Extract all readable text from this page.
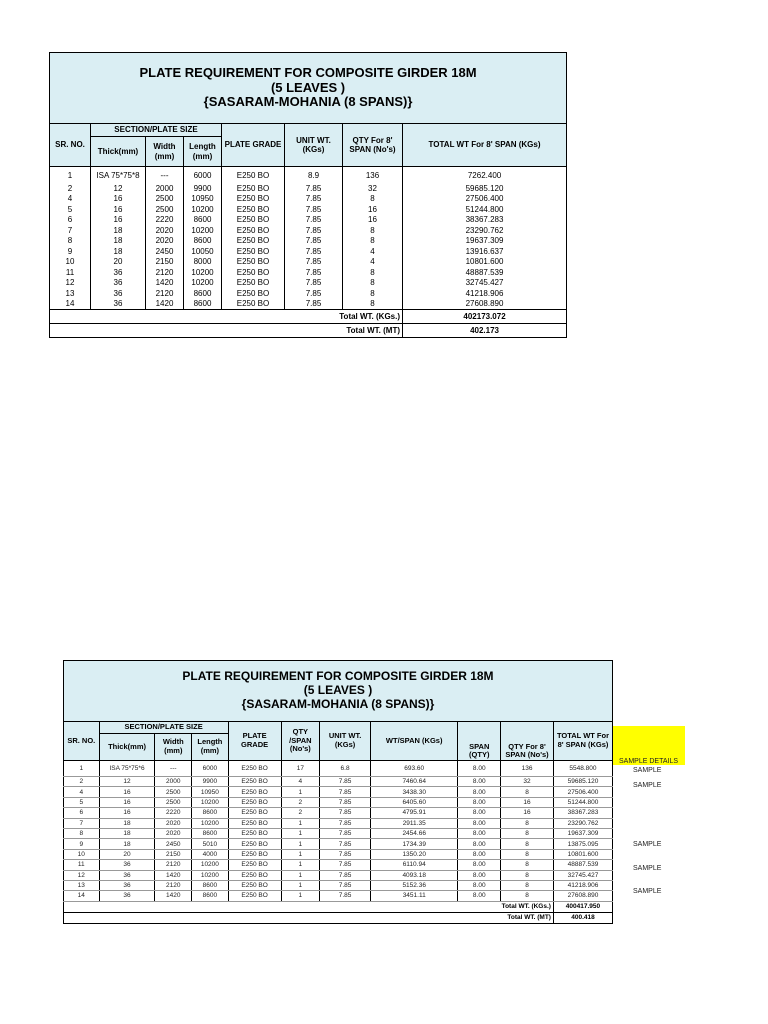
PLATE REQUIREMENT FOR COMPOSITE GIRDER 18M
(5 LEAVES )
{SASARAM-MOHANIA (8 SPANS)}							

SR. NO.	SECTION/PLATE SIZE			PLATE GRADE	UNIT WT. (KGs)	QTY For 8' SPAN (No's)	TOTAL WT For 8' SPAN (KGs)
	Thick(mm)	Width (mm)	Length (mm)				
1	ISA 75*75*8	---	6000	E250 BO	8.9	136	7262.400
2	12	2000	9900	E250 BO	7.85	32	59685.120
4	16	2500	10950	E250 BO	7.85	8	27506.400
5	16	2500	10200	E250 BO	7.85	16	51244.800
6	16	2220	8600	E250 BO	7.85	16	38367.283
7	18	2020	10200	E250 BO	7.85	8	23290.762
8	18	2020	8600	E250 BO	7.85	8	19637.309
9	18	2450	10050	E250 BO	7.85	4	13916.637
10	20	2150	8000	E250 BO	7.85	4	10801.600
11	36	2120	10200	E250 BO	7.85	8	48887.539
12	36	1420	10200	E250 BO	7.85	8	32745.427
13	36	2120	8600	E250 BO	7.85	8	41218.906
14	36	1420	8600	E250 BO	7.85	8	27608.890
Total WT. (KGs.)							402173.072
Total WT. (MT)							402.173
PLATE REQUIREMENT FOR COMPOSITE GIRDER 18M
(5 LEAVES )
{SASARAM-MOHANIA (8 SPANS)}										

SR. NO.	SECTION/PLATE SIZE			PLATE GRADE	QTY /SPAN (No's)	UNIT WT. (KGs)	WT/SPAN (KGs)	SPAN (QTY)	QTY For 8' SPAN (No's)	TOTAL WT For 8' SPAN (KGs)
	Thick(mm)	Width (mm)	Length (mm)							
1	ISA 75*75*6	---	6000	E250 BO	17	6.8	693.60	8.00	136	5548.800
2	12	2000	9900	E250 BO	4	7.85	7460.64	8.00	32	59685.120
4	16	2500	10950	E250 BO	1	7.85	3438.30	8.00	8	27506.400
5	16	2500	10200	E250 BO	2	7.85	6405.60	8.00	16	51244.800
6	16	2220	8600	E250 BO	2	7.85	4795.91	8.00	16	38367.283
7	18	2020	10200	E250 BO	1	7.85	2911.35	8.00	8	23290.762
8	18	2020	8600	E250 BO	1	7.85	2454.66	8.00	8	19637.309
9	18	2450	5010	E250 BO	1	7.85	1734.39	8.00	8	13875.095
10	20	2150	4000	E250 BO	1	7.85	1350.20	8.00	8	10801.600
11	36	2120	10200	E250 BO	1	7.85	6110.94	8.00	8	48887.539
12	36	1420	10200	E250 BO	1	7.85	4093.18	8.00	8	32745.427
13	36	2120	8600	E250 BO	1	7.85	5152.36	8.00	8	41218.906
14	36	1420	8600	E250 BO	1	7.85	3451.11	8.00	8	27608.890
Total WT. (KGs.)										400417.950
Total WT. (MT)										400.418
SAMPLE DETAILS
SAMPLE
SAMPLE
SAMPLE
SAMPLE
SAMPLE
